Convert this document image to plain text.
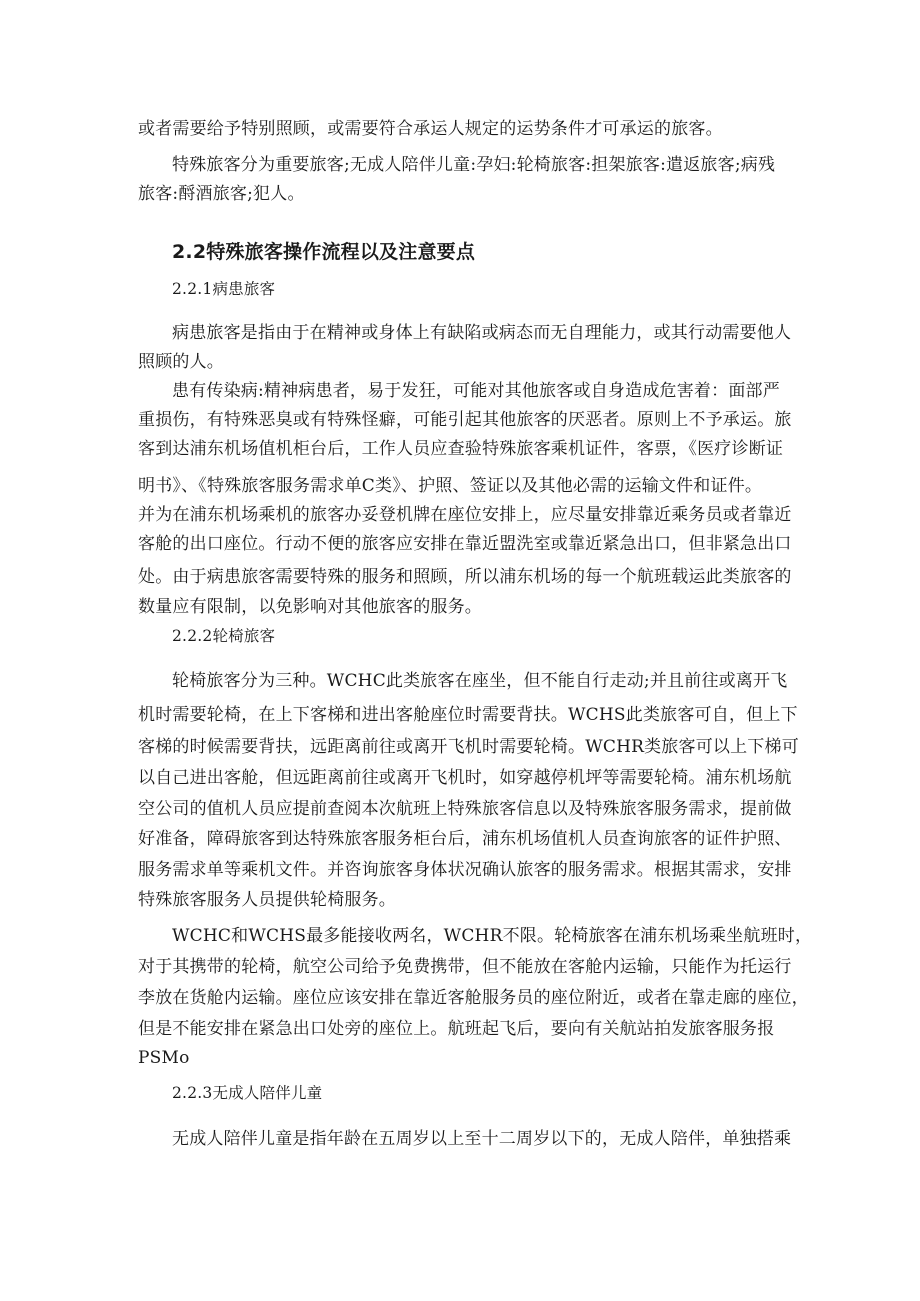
或者需要给予特别照顾，或需要符合承运人规定的运势条件才可承运的旅客。
特殊旅客分为重要旅客;无成人陪伴儿童:孕妇:轮椅旅客:担架旅客:遣返旅客;病残
旅客:酹酒旅客;犯人。
2.2特殊旅客操作流程以及注意要点
2.2.1病患旅客
病患旅客是指由于在精神或身体上有缺陷或病态而无自理能力，或其行动需要他人
照顾的人。
患有传染病:精神病患者，易于发狂，可能对其他旅客或自身造成危害着：面部严
重损伤，有特殊恶臭或有特殊怪癖，可能引起其他旅客的厌恶者。原则上不予承运。旅
客到达浦东机场值机柜台后，工作人员应查验特殊旅客乘机证件，客票，《医疗诊断证
明书》、《特殊旅客服务需求单C类》、护照、签证以及其他必需的运输文件和证件。
并为在浦东机场乘机的旅客办妥登机牌在座位安排上，应尽量安排靠近乘务员或者靠近
客舱的出口座位。行动不便的旅客应安排在靠近盟洗室或靠近紧急出口，但非紧急出口
处。由于病患旅客需要特殊的服务和照顾，所以浦东机场的每一个航班载运此类旅客的
数量应有限制，以免影响对其他旅客的服务。
2.2.2轮椅旅客
轮椅旅客分为三种。WCHC此类旅客在座坐，但不能自行走动;并且前往或离开飞
机时需要轮椅，在上下客梯和进出客舱座位时需要背扶。WCHS此类旅客可自，但上下
客梯的时候需要背扶，远距离前往或离开飞机时需要轮椅。WCHR类旅客可以上下梯可
以自己进出客舱，但远距离前往或离开飞机时，如穿越停机坪等需要轮椅。浦东机场航
空公司的值机人员应提前查阅本次航班上特殊旅客信息以及特殊旅客服务需求，提前做
好准备，障碍旅客到达特殊旅客服务柜台后，浦东机场值机人员查询旅客的证件护照、
服务需求单等乘机文件。并咨询旅客身体状况确认旅客的服务需求。根据其需求，安排
特殊旅客服务人员提供轮椅服务。
WCHC和WCHS最多能接收两名，WCHR不限。轮椅旅客在浦东机场乘坐航班时，
对于其携带的轮椅，航空公司给予免费携带，但不能放在客舱内运输，只能作为托运行
李放在货舱内运输。座位应该安排在靠近客舱服务员的座位附近，或者在靠走廊的座位，
但是不能安排在紧急出口处旁的座位上。航班起飞后，要向有关航站拍发旅客服务报
PSMo
2.2.3无成人陪伴儿童
无成人陪伴儿童是指年龄在五周岁以上至十二周岁以下的，无成人陪伴，单独搭乘
